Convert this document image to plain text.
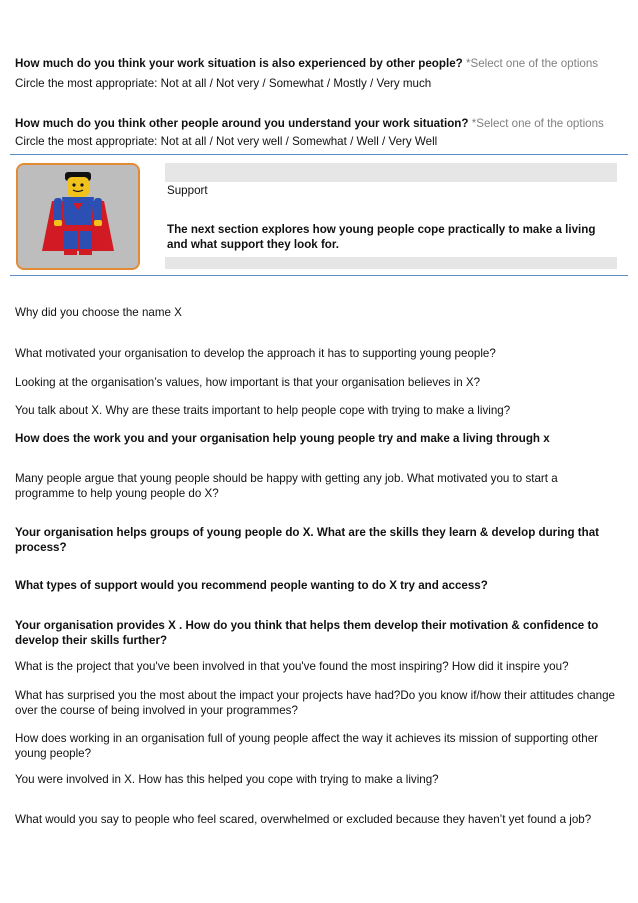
How much do you think your work situation is also experienced by other people? *Select one of the options

Circle the most appropriate: Not at all / Not very / Somewhat / Mostly / Very much

How much do you think other people around you understand your work situation? *Select one of the options

Circle the most appropriate: Not at all / Not very well / Somewhat / Well / Very Well

Support

The next section explores how young people cope practically to make a living and what support they look for.

Why did you choose the name X

What motivated your organisation to develop the approach it has to supporting young people?

Looking at the organisation’s values, how important is that your organisation believes in X?

You talk about X. Why are these traits important to help people cope with trying to make a living?

How does the work you and your organisation help young people try and make a living through x

Many people argue that young people should be happy with getting any job. What motivated you to start a programme to help young people do X?

Your organisation helps groups of young people do X. What are the skills they learn & develop during that process?

What types of support would you recommend people wanting to do X try and access?

Your organisation provides X . How do you think that helps them develop their motivation & confidence to develop their skills further?

What is the project that you've been involved in that you've found the most inspiring? How did it inspire you?

What has surprised you the most about the impact your projects have had?Do you know if/how their attitudes change over the course of being involved in your programmes?

How does working in an organisation full of young people affect the way it achieves its mission of supporting other young people?

You were involved in X. How has this helped you cope with trying to make a living?

What would you say to people who feel scared, overwhelmed or excluded because they haven’t yet found a job?
